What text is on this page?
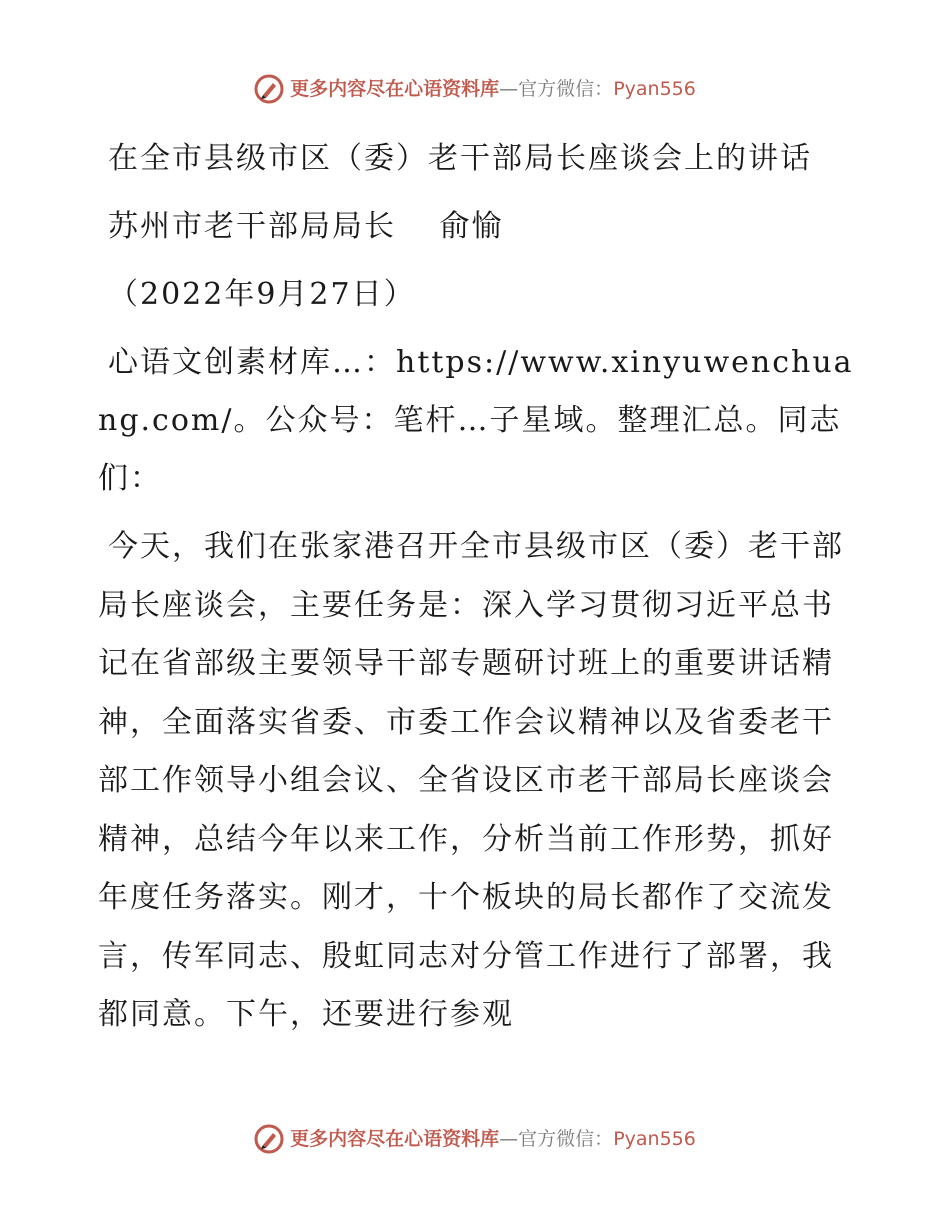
更多内容尽在心语资料库 — 官方微信： Pyan556

在全市县级市区（委）老干部局长座谈会上的讲话

苏州市老干部局局长　 俞愉

（2022年9月27日）

心语文创素材库…：https://www.xinyuwenchuang.com/。公众号：笔杆…子星域。整理汇总。同志们：

今天，我们在张家港召开全市县级市区（委）老干部局长座谈会，主要任务是：深入学习贯彻习近平总书记在省部级主要领导干部专题研讨班上的重要讲话精神，全面落实省委、市委工作会议精神以及省委老干部工作领导小组会议、全省设区市老干部局长座谈会精神，总结今年以来工作，分析当前工作形势，抓好年度任务落实。刚才，十个板块的局长都作了交流发言，传军同志、殷虹同志对分管工作进行了部署，我都同意。下午，还要进行参观

更多内容尽在心语资料库 — 官方微信： Pyan556
